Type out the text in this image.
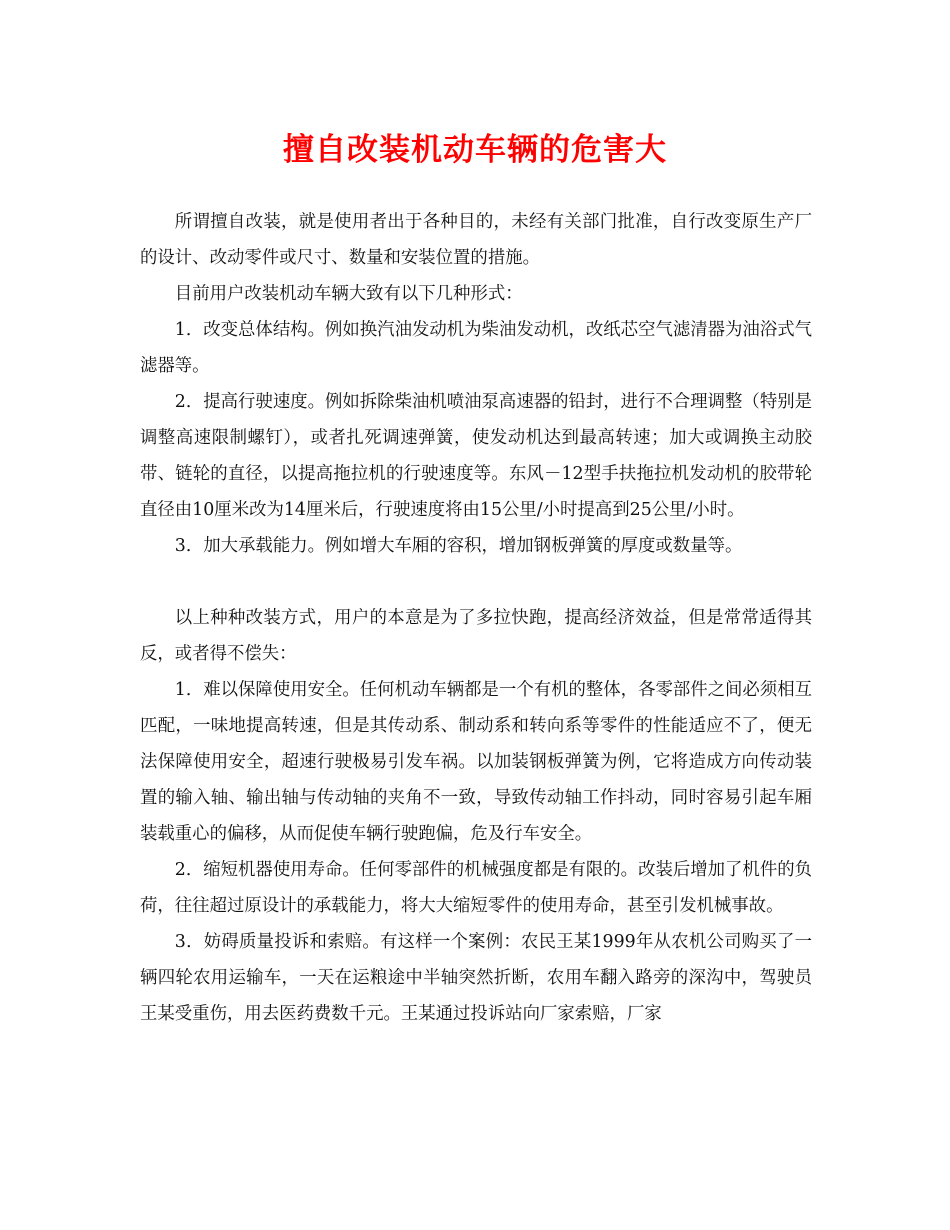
擅自改装机动车辆的危害大

所谓擅自改装，就是使用者出于各种目的，未经有关部门批准，自行改变原生产厂的设计、改动零件或尺寸、数量和安装位置的措施。

目前用户改装机动车辆大致有以下几种形式：

1．改变总体结构。例如换汽油发动机为柴油发动机，改纸芯空气滤清器为油浴式气滤器等。

2．提高行驶速度。例如拆除柴油机喷油泵高速器的铅封，进行不合理调整（特别是调整高速限制螺钉），或者扎死调速弹簧，使发动机达到最高转速；加大或调换主动胶带、链轮的直径，以提高拖拉机的行驶速度等。东风－12型手扶拖拉机发动机的胶带轮直径由10厘米改为14厘米后，行驶速度将由15公里/小时提高到25公里/小时。

3．加大承载能力。例如增大车厢的容积，增加钢板弹簧的厚度或数量等。

以上种种改装方式，用户的本意是为了多拉快跑，提高经济效益，但是常常适得其反，或者得不偿失：

1．难以保障使用安全。任何机动车辆都是一个有机的整体，各零部件之间必须相互匹配，一味地提高转速，但是其传动系、制动系和转向系等零件的性能适应不了，便无法保障使用安全，超速行驶极易引发车祸。以加装钢板弹簧为例，它将造成方向传动装置的输入轴、输出轴与传动轴的夹角不一致，导致传动轴工作抖动，同时容易引起车厢装载重心的偏移，从而促使车辆行驶跑偏，危及行车安全。

2．缩短机器使用寿命。任何零部件的机械强度都是有限的。改装后增加了机件的负荷，往往超过原设计的承载能力，将大大缩短零件的使用寿命，甚至引发机械事故。

3．妨碍质量投诉和索赔。有这样一个案例：农民王某1999年从农机公司购买了一辆四轮农用运输车，一天在运粮途中半轴突然折断，农用车翻入路旁的深沟中，驾驶员王某受重伤，用去医药费数千元。王某通过投诉站向厂家索赔，厂家
